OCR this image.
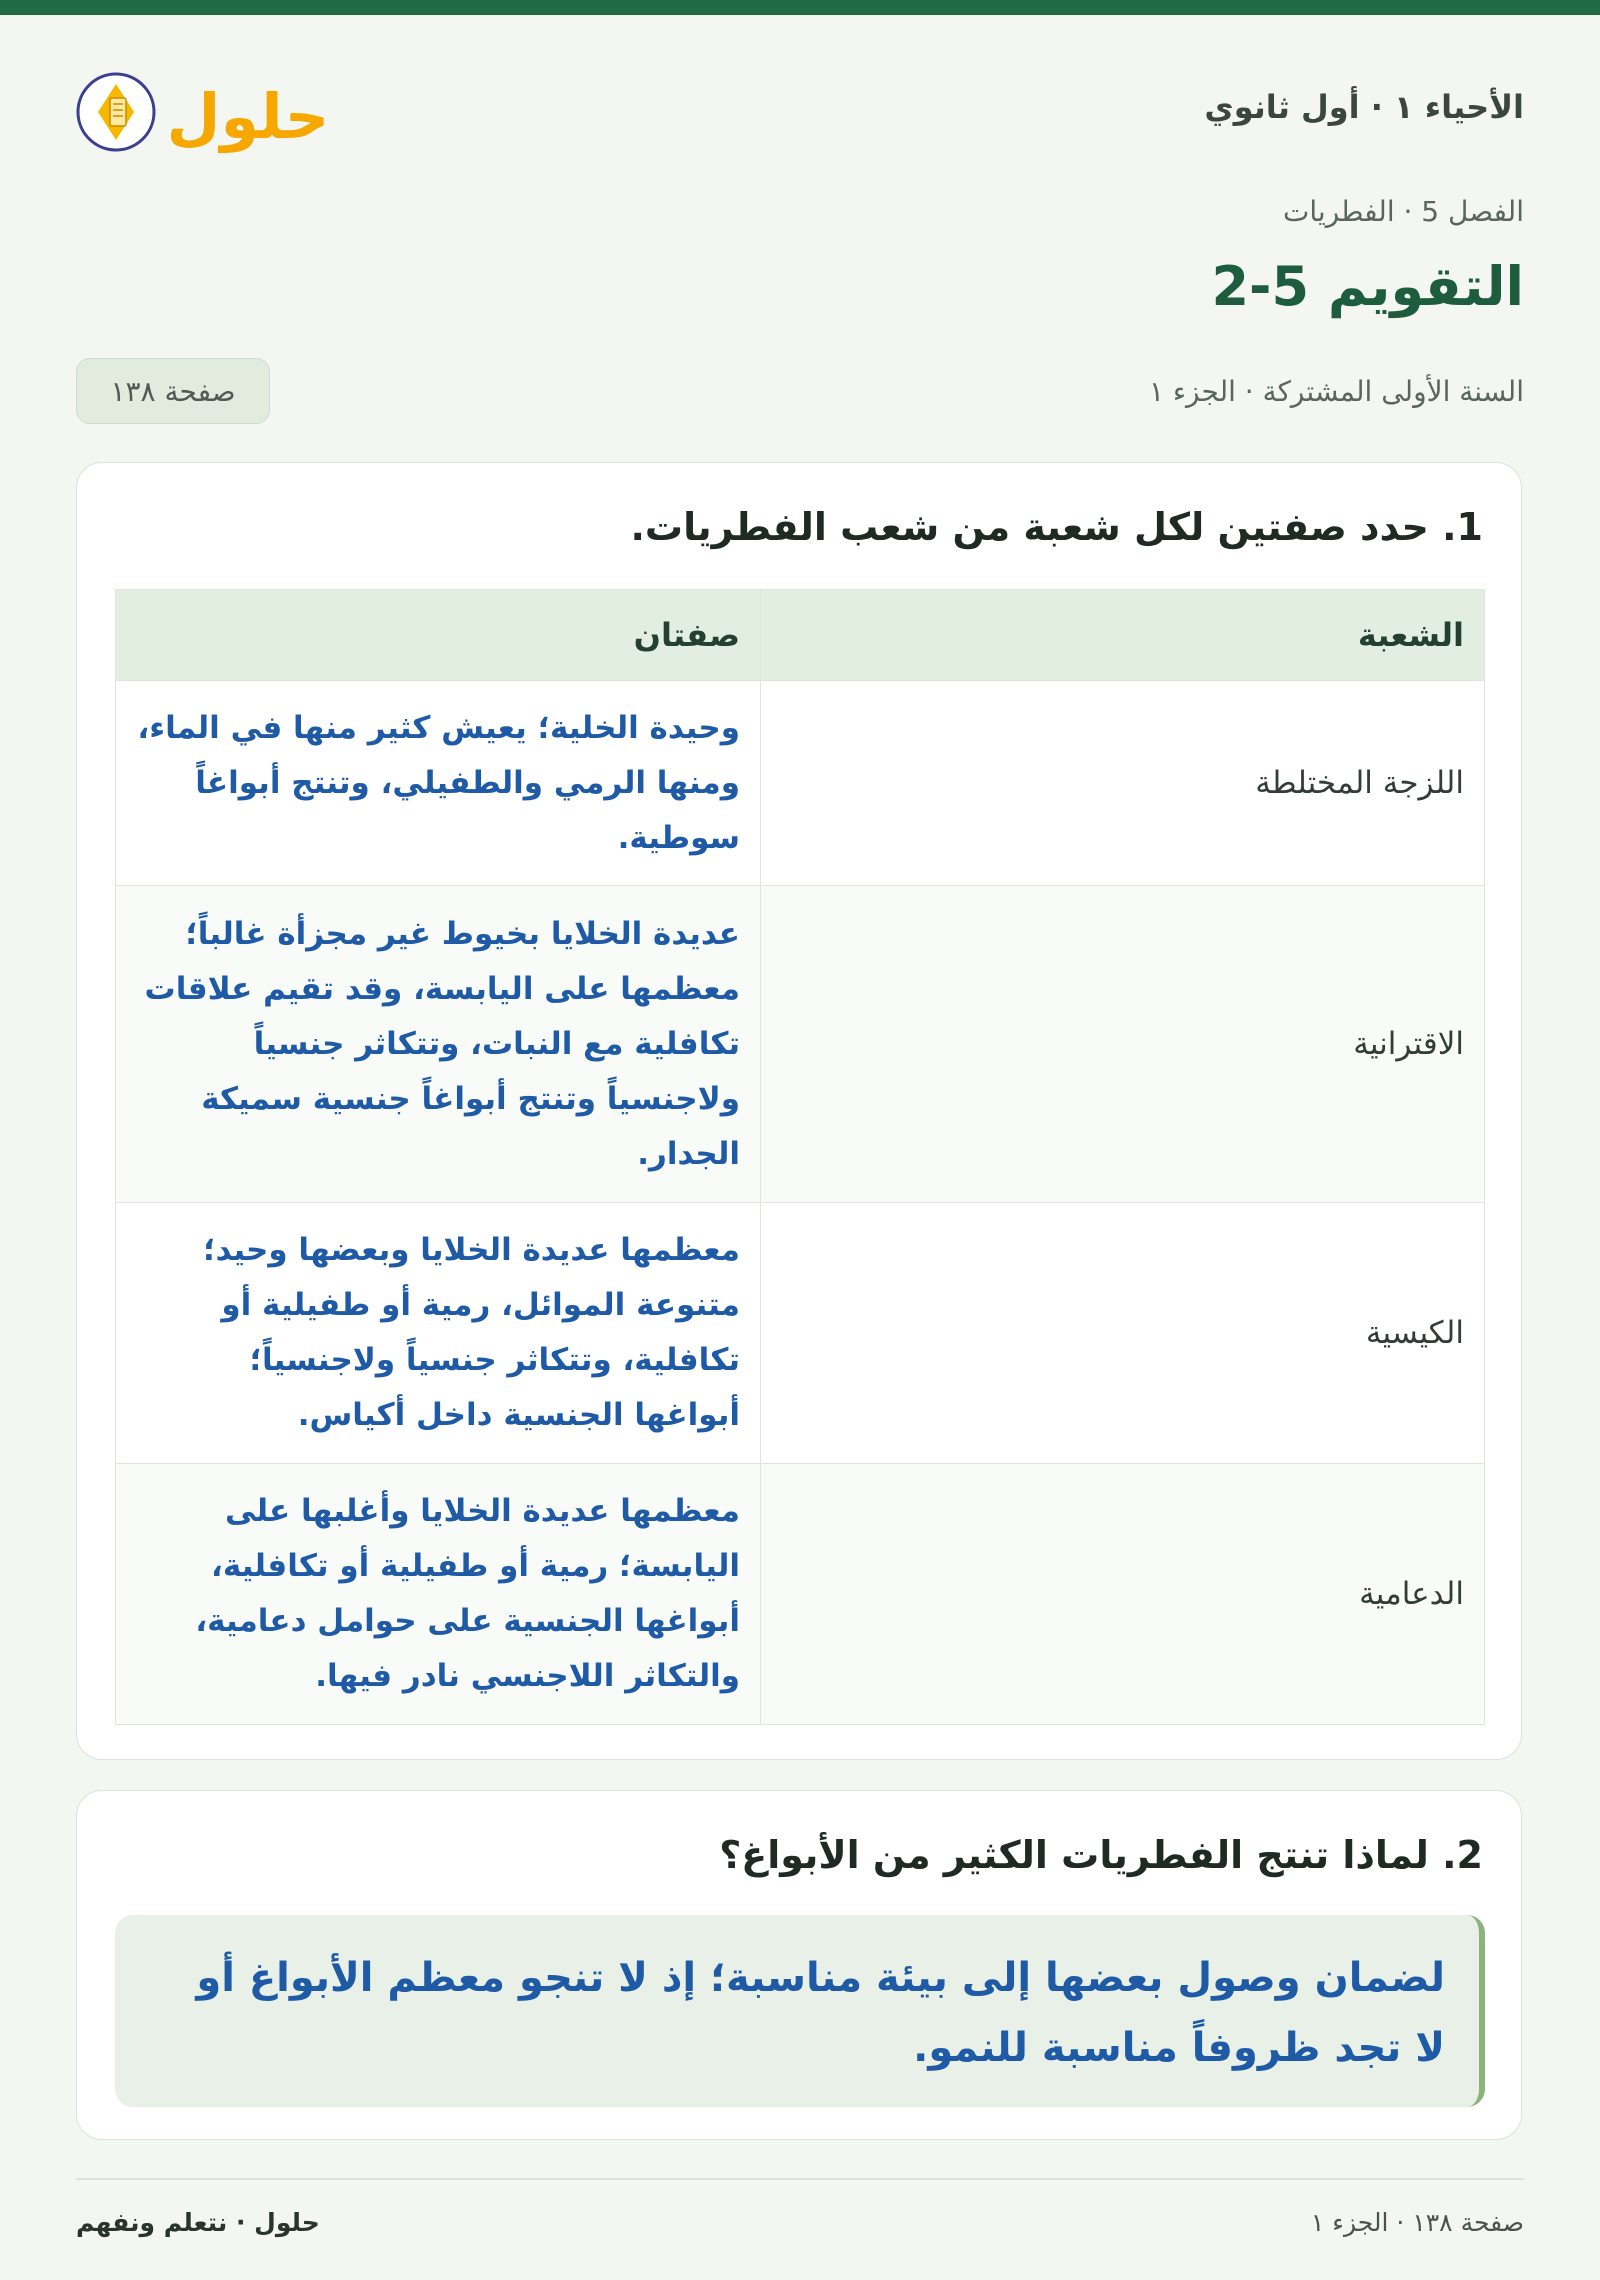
الأحياء ١ · أول ثانوي
حلول
الفصل 5 · الفطريات
التقويم 5-2
السنة الأولى المشتركة · الجزء ١
صفحة ١٣٨
1. حدد صفتين لكل شعبة من شعب الفطريات.
الشعبة	صفتان
اللزجة المختلطة	وحيدة الخلية؛ يعيش كثير منها في الماء، ومنها الرمي والطفيلي، وتنتج أبواغاً سوطية.
الاقترانية	عديدة الخلايا بخيوط غير مجزأة غالباً؛ معظمها على اليابسة، وقد تقيم علاقات تكافلية مع النبات، وتتكاثر جنسياً ولاجنسياً وتنتج أبواغاً جنسية سميكة الجدار.
الكيسية	معظمها عديدة الخلايا وبعضها وحيد؛ متنوعة الموائل، رمية أو طفيلية أو تكافلية، وتتكاثر جنسياً ولاجنسياً؛ أبواغها الجنسية داخل أكياس.
الدعامية	معظمها عديدة الخلايا وأغلبها على اليابسة؛ رمية أو طفيلية أو تكافلية، أبواغها الجنسية على حوامل دعامية، والتكاثر اللاجنسي نادر فيها.
2. لماذا تنتج الفطريات الكثير من الأبواغ؟
لضمان وصول بعضها إلى بيئة مناسبة؛ إذ لا تنجو معظم الأبواغ أو لا تجد ظروفاً مناسبة للنمو.
صفحة ١٣٨ · الجزء ١
حلول · نتعلم ونفهم
